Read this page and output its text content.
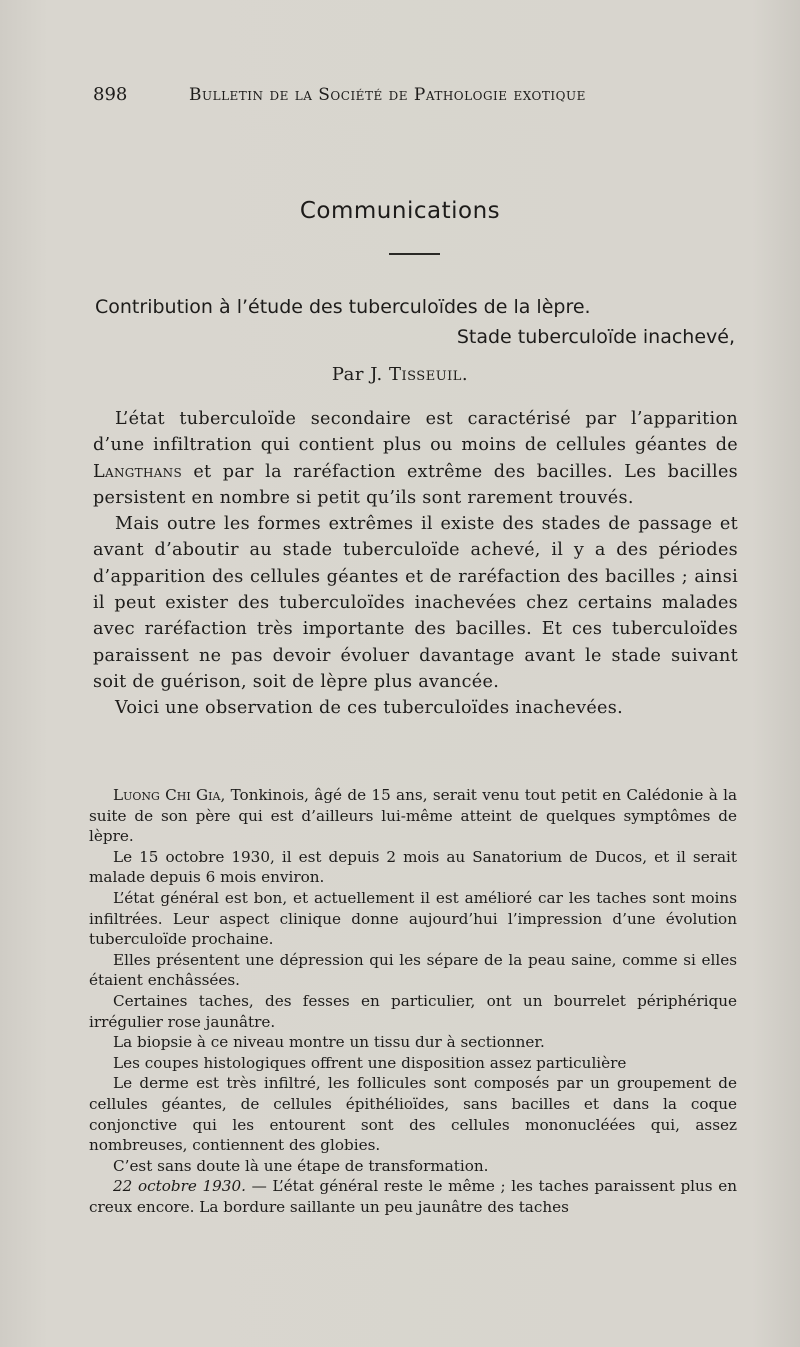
898	Bulletin de la Société de Pathologie exotique
Communications
Contribution à l’étude des tuberculoïdes de la lèpre.
Stade tuberculoïde inachevé,
Par J. Tisseuil.

L’état tuberculoïde secondaire est caractérisé par l’apparition d’une infiltration qui contient plus ou moins de cellules géantes de Langthans et par la raréfaction extrême des bacilles. Les bacilles persistent en nombre si petit qu’ils sont rarement trouvés.

Mais outre les formes extrêmes il existe des stades de passage et avant d’aboutir au stade tuberculoïde achevé, il y a des périodes d’apparition des cellules géantes et de raréfaction des bacilles ; ainsi il peut exister des tuberculoïdes inachevées chez certains malades avec raréfaction très importante des bacilles. Et ces tuberculoïdes paraissent ne pas devoir évoluer davantage avant le stade suivant soit de guérison, soit de lèpre plus avancée.

Voici une observation de ces tuberculoïdes inachevées.

Luong Chi Gia, Tonkinois, âgé de 15 ans, serait venu tout petit en Calédonie à la suite de son père qui est d’ailleurs lui-même atteint de quelques symptômes de lèpre.

Le 15 octobre 1930, il est depuis 2 mois au Sanatorium de Ducos, et il serait malade depuis 6 mois environ.

L’état général est bon, et actuellement il est amélioré car les taches sont moins infiltrées. Leur aspect clinique donne aujourd’hui l’impression d’une évolution tuberculoïde prochaine.

Elles présentent une dépression qui les sépare de la peau saine, comme si elles étaient enchâssées.

Certaines taches, des fesses en particulier, ont un bourrelet périphérique irrégulier rose jaunâtre.

La biopsie à ce niveau montre un tissu dur à sectionner.

Les coupes histologiques offrent une disposition assez particulière

Le derme est très infiltré, les follicules sont composés par un groupement de cellules géantes, de cellules épithélioïdes, sans bacilles et dans la coque conjonctive qui les entourent sont des cellules mononucléées qui, assez nombreuses, contiennent des globies.

C’est sans doute là une étape de transformation.

22 octobre 1930. — L’état général reste le même ; les taches paraissent plus en creux encore. La bordure saillante un peu jaunâtre des taches
